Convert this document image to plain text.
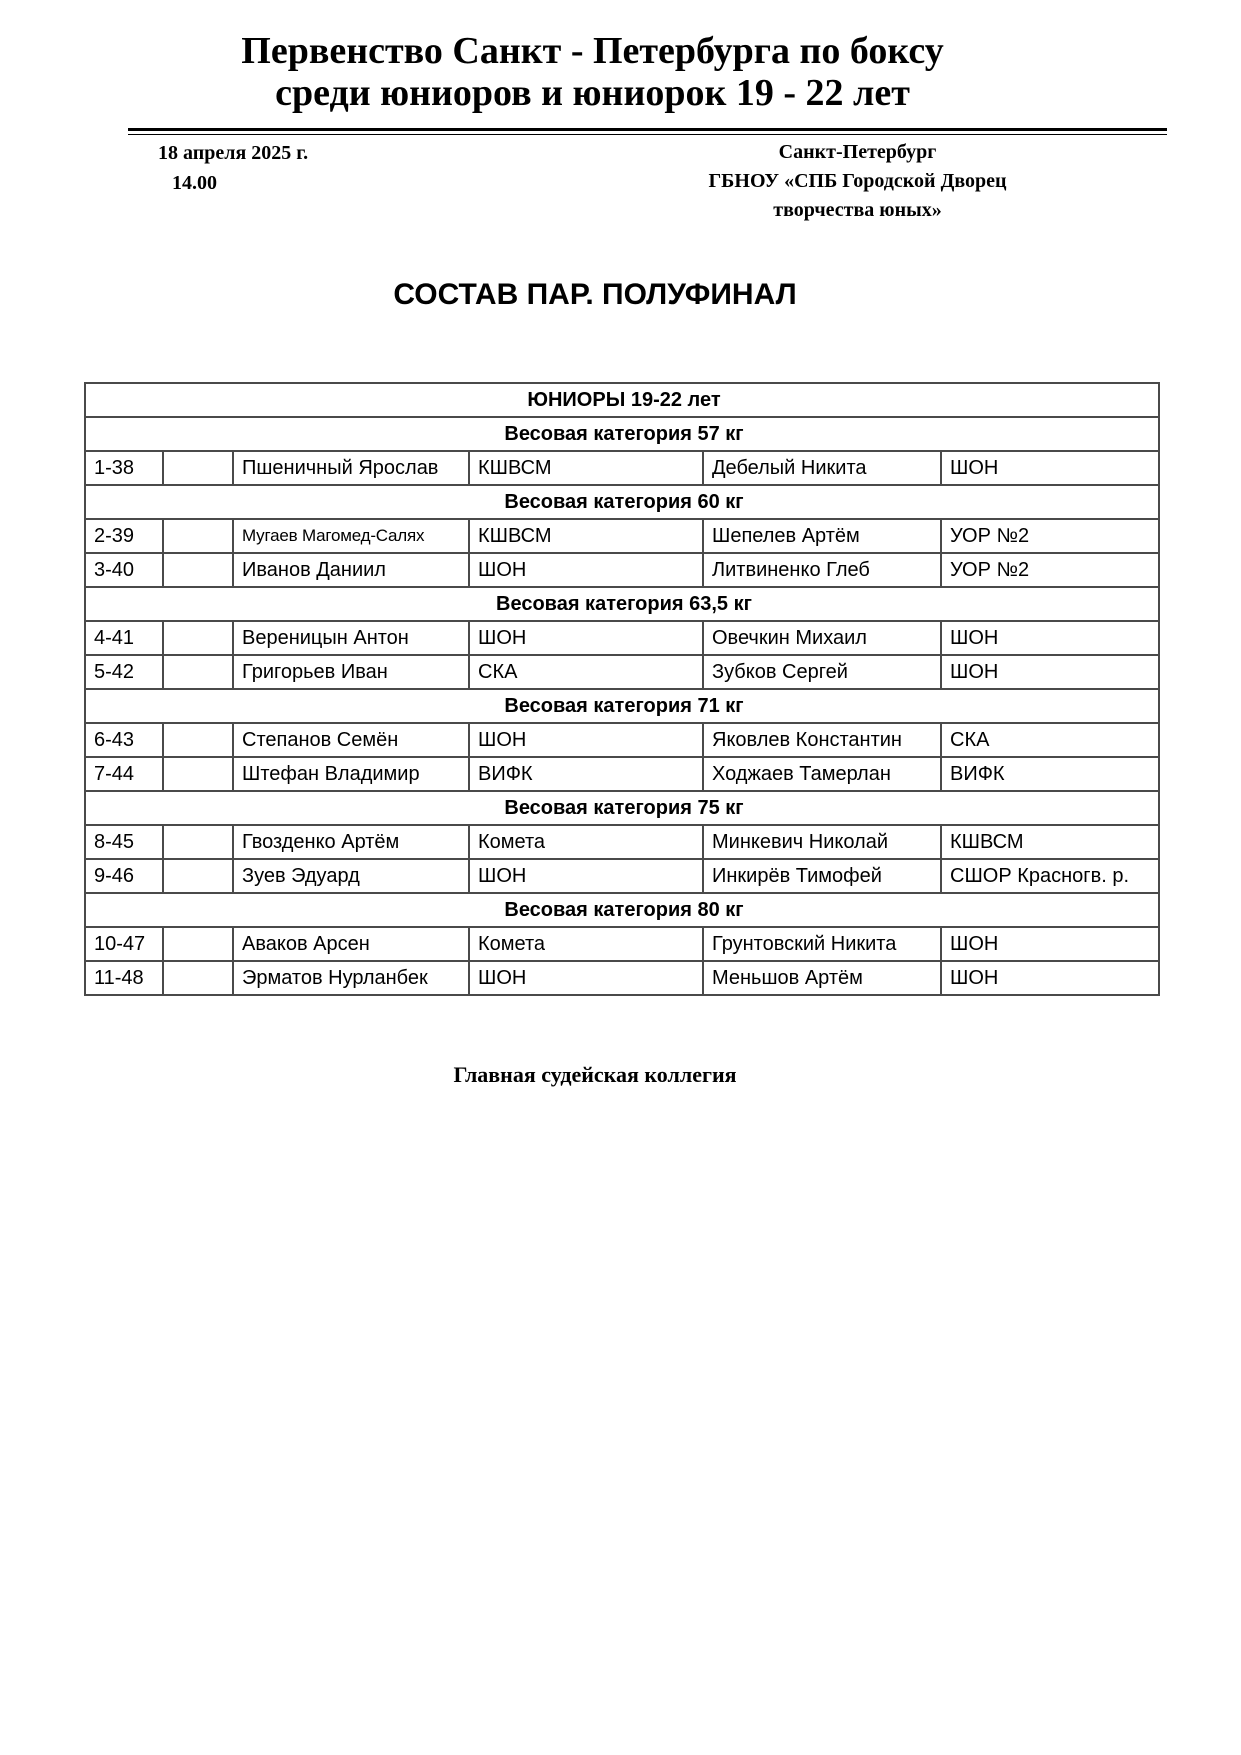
Первенство Санкт - Петербурга по боксу
среди юниоров и юниорок 19 - 22 лет
18 апреля 2025 г.
14.00
Санкт-Петербург
ГБНОУ «СПБ Городской Дворец
творчества юных»
СОСТАВ ПАР. ПОЛУФИНАЛ
ЮНИОРЫ 19-22 лет					
Весовая категория 57 кг					
1-38		Пшеничный Ярослав	КШВСМ	Дебелый Никита	ШОН
Весовая категория 60 кг					
2-39		Мугаев Магомед-Салях	КШВСМ	Шепелев Артём	УОР №2
3-40		Иванов Даниил	ШОН	Литвиненко Глеб	УОР №2
Весовая категория 63,5 кг					
4-41		Вереницын Антон	ШОН	Овечкин Михаил	ШОН
5-42		Григорьев Иван	СКА	Зубков Сергей	ШОН
Весовая категория 71 кг					
6-43		Степанов Семён	ШОН	Яковлев Константин	СКА
7-44		Штефан Владимир	ВИФК	Ходжаев Тамерлан	ВИФК
Весовая категория 75 кг					
8-45		Гвозденко Артём	Комета	Минкевич Николай	КШВСМ
9-46		Зуев Эдуард	ШОН	Инкирёв Тимофей	СШОР Красногв. р.
Весовая категория 80 кг					
10-47		Аваков Арсен	Комета	Грунтовский Никита	ШОН
11-48		Эрматов Нурланбек	ШОН	Меньшов Артём	ШОН
Главная судейская коллегия
